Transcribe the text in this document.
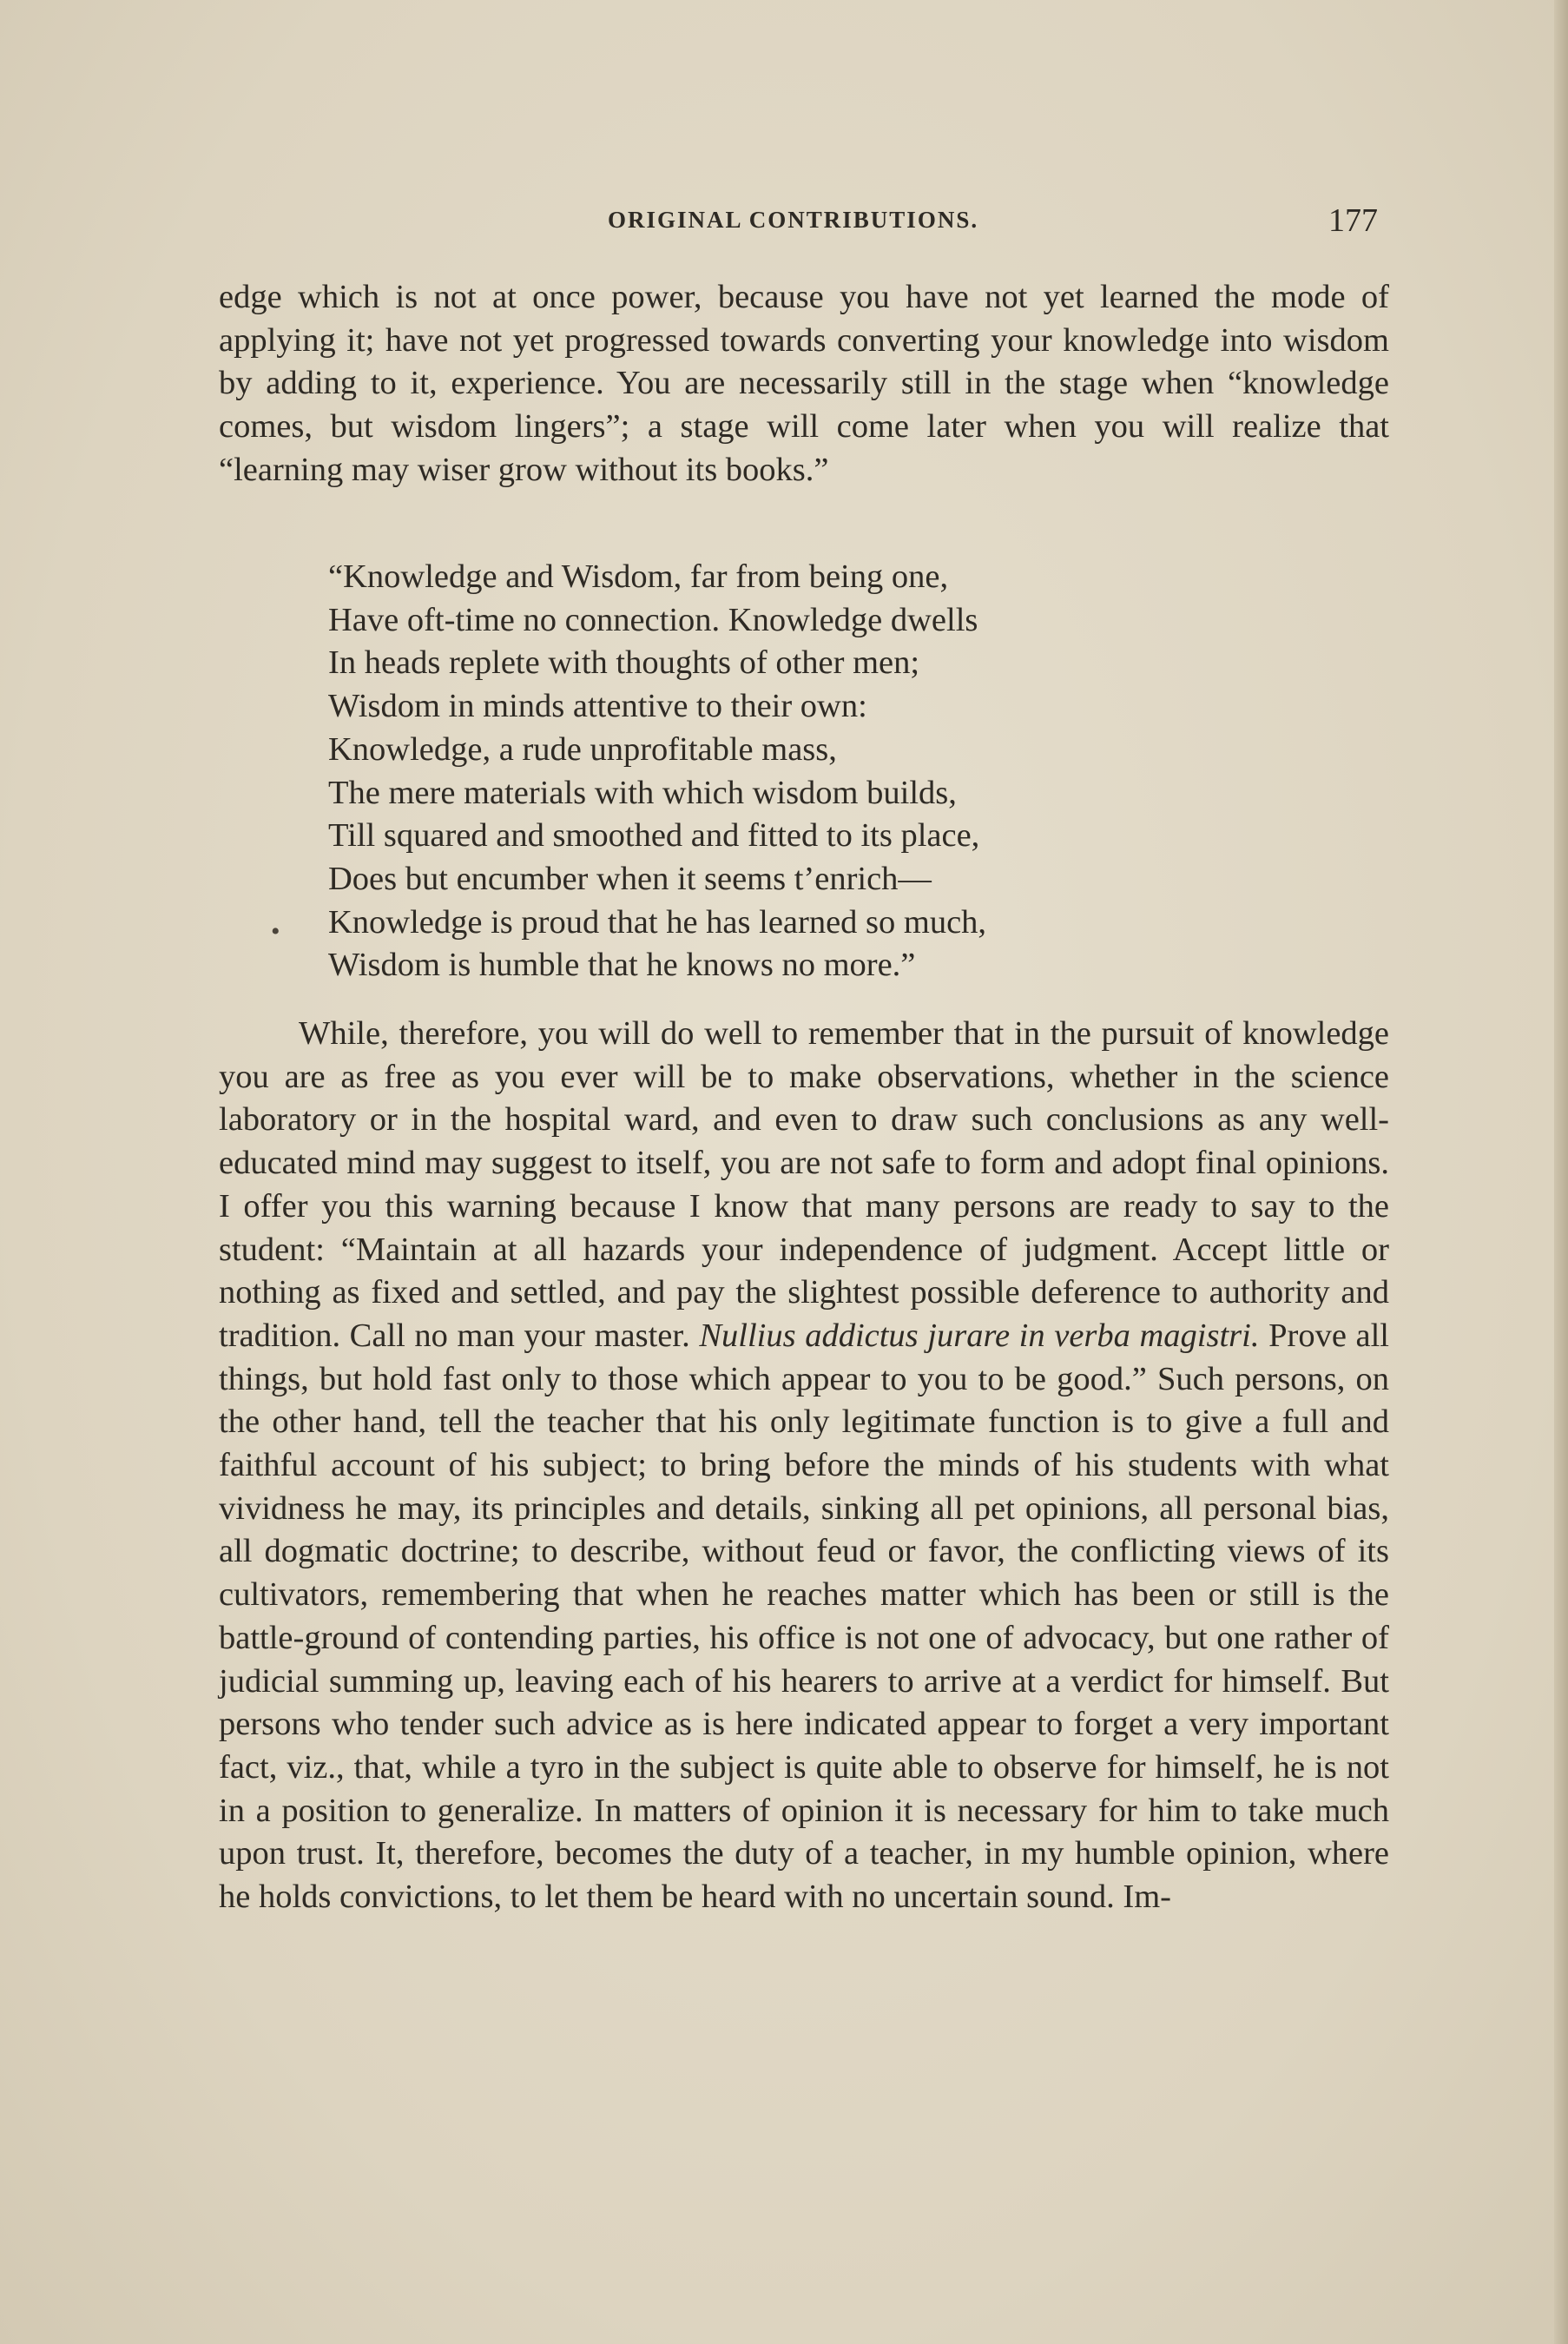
ORIGINAL CONTRIBUTIONS.	177

edge which is not at once power, because you have not yet learned the mode of applying it; have not yet progressed towards converting your knowledge into wisdom by adding to it, experience. You are necessarily still in the stage when “knowledge comes, but wisdom lingers”; a stage will come later when you will realize that “learning may wiser grow without its books.”

“Knowledge and Wisdom, far from being one,
Have oft-time no connection. Knowledge dwells
In heads replete with thoughts of other men;
Wisdom in minds attentive to their own:
Knowledge, a rude unprofitable mass,
The mere materials with which wisdom builds,
Till squared and smoothed and fitted to its place,
Does but encumber when it seems t’enrich—
Knowledge is proud that he has learned so much,
Wisdom is humble that he knows no more.”
•

While, therefore, you will do well to remember that in the pursuit of knowledge you are as free as you ever will be to make observations, whether in the science laboratory or in the hospital ward, and even to draw such conclusions as any well-educated mind may suggest to itself, you are not safe to form and adopt final opinions. I offer you this warning because I know that many persons are ready to say to the student: “Maintain at all hazards your independence of judgment. Accept little or nothing as fixed and settled, and pay the slightest possible deference to authority and tradition. Call no man your master. Nullius addictus jurare in verba magistri. Prove all things, but hold fast only to those which appear to you to be good.” Such persons, on the other hand, tell the teacher that his only legitimate function is to give a full and faithful account of his subject; to bring before the minds of his students with what vividness he may, its principles and details, sinking all pet opinions, all personal bias, all dogmatic doctrine; to describe, without feud or favor, the conflicting views of its cultivators, remembering that when he reaches matter which has been or still is the battle-ground of contending parties, his office is not one of advocacy, but one rather of judicial summing up, leaving each of his hearers to arrive at a verdict for himself. But persons who tender such advice as is here indicated appear to forget a very important fact, viz., that, while a tyro in the subject is quite able to observe for himself, he is not in a position to generalize. In matters of opinion it is necessary for him to take much upon trust. It, therefore, becomes the duty of a teacher, in my humble opinion, where he holds convictions, to let them be heard with no uncertain sound. Im-
